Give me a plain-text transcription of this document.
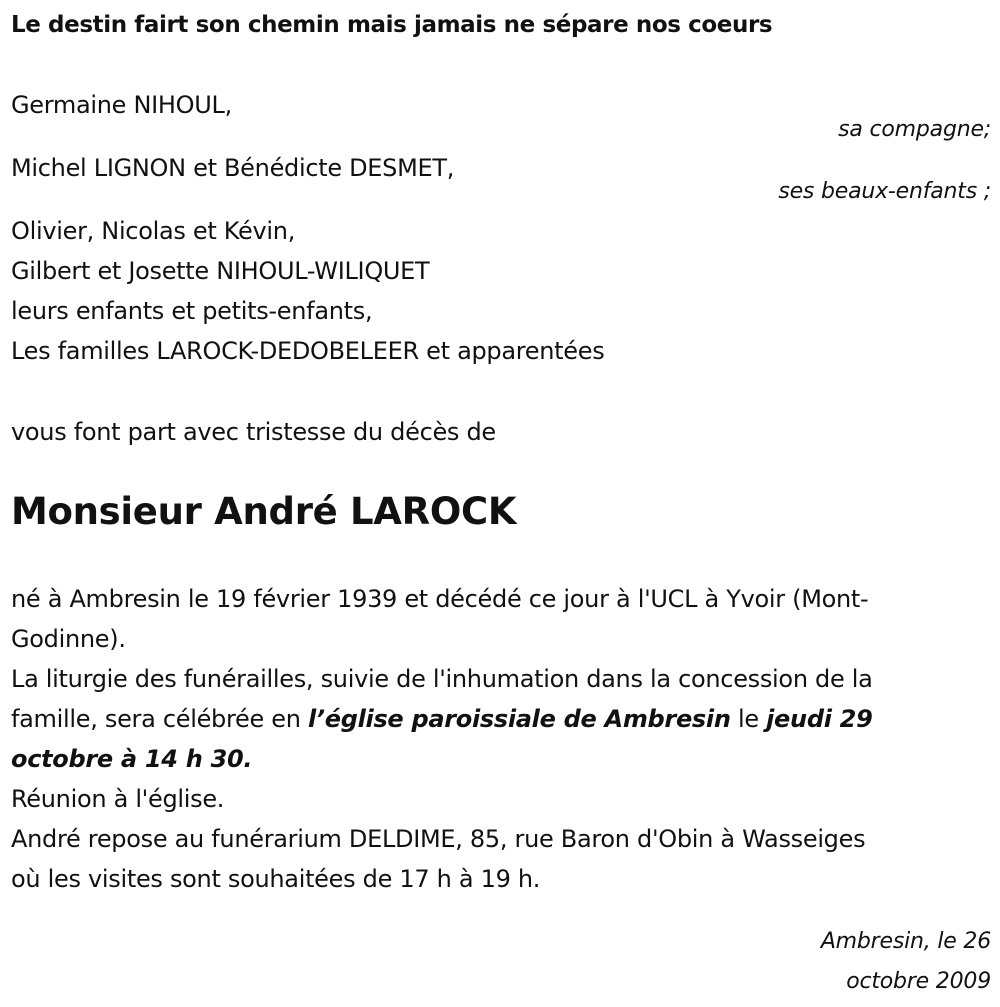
Le destin fairt son chemin mais jamais ne sépare nos coeurs
Germaine NIHOUL,
sa compagne;
Michel LIGNON et Bénédicte DESMET,
ses beaux-enfants ;
Olivier, Nicolas et Kévin,
Gilbert et Josette NIHOUL-WILIQUET
leurs enfants et petits-enfants,
Les familles LAROCK-DEDOBELEER et apparentées
vous font part avec tristesse du décès de
Monsieur André LAROCK
né à Ambresin le 19 février 1939 et décédé ce jour à l'UCL à Yvoir (Mont-
Godinne).
La liturgie des funérailles, suivie de l'inhumation dans la concession de la
famille, sera célébrée en l’église paroissiale de Ambresin le jeudi 29
octobre à 14 h 30.
Réunion à l'église.
André repose au funérarium DELDIME, 85, rue Baron d'Obin à Wasseiges
où les visites sont souhaitées de 17 h à 19 h.
Ambresin, le 26
octobre 2009
